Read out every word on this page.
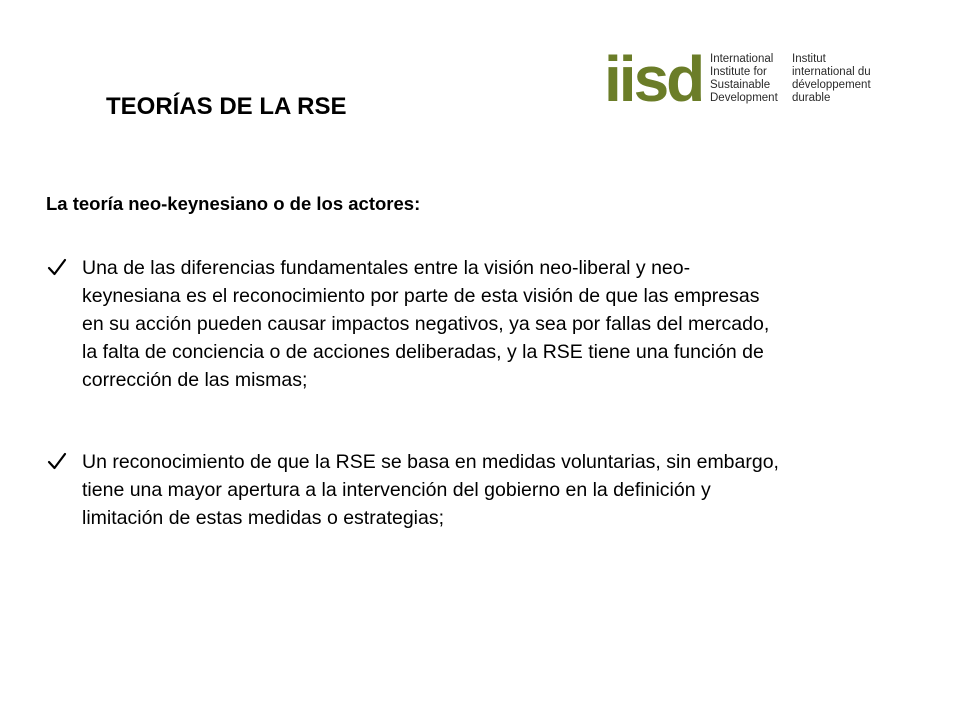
iisd International
Institute for
Sustainable
Development
Institut
international du
développement
durable
TEORÍAS DE LA RSE
La teoría neo-keynesiano o de los actores:
Una de las diferencias fundamentales entre la visión neo-liberal y neo-
keynesiana es el reconocimiento por parte de esta visión de que las empresas
en su acción pueden causar impactos negativos, ya sea por fallas del mercado,
la falta de conciencia o de acciones deliberadas, y la RSE tiene una función de
corrección de las mismas;
Un reconocimiento de que la RSE se basa en medidas voluntarias, sin embargo,
tiene una mayor apertura a la intervención del gobierno en la definición y
limitación de estas medidas o estrategias;
